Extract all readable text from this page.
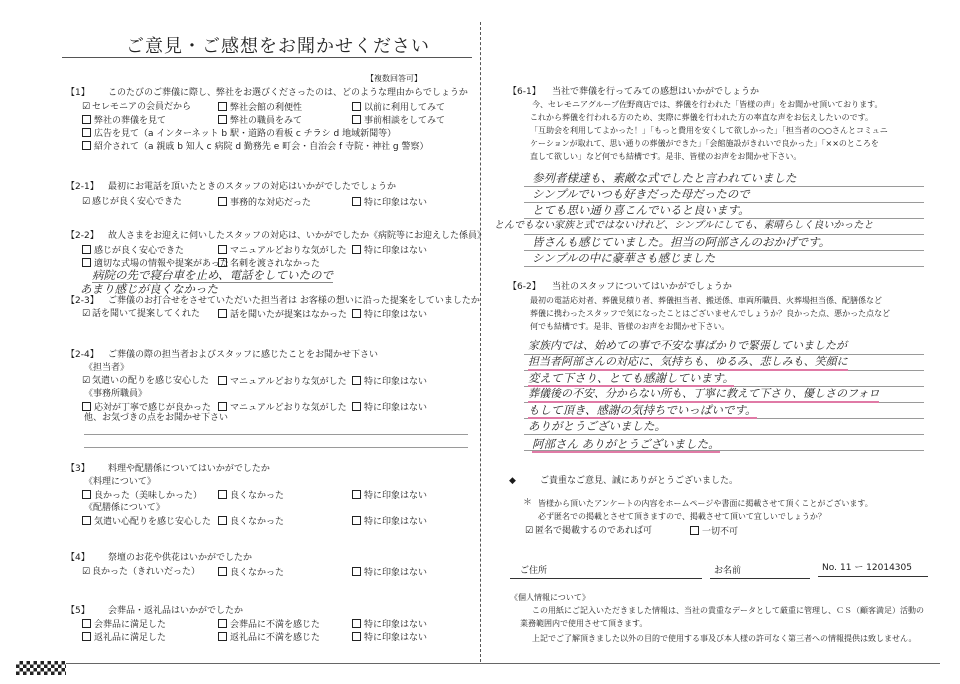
ご意見・ご感想をお聞かせください
【複数回答可】
【1】 このたびのご葬儀に際し、弊社をお選びくださったのは、どのような理由からでしょうか
☑ セレモニアの会員だから	弊社会館の利便性	以前に利用してみて
弊社の葬儀を見て	弊社の職員をみて	事前相談をしてみて
広告を見て（a インターネット b 駅・道路の看板 c チラシ d 地域新聞等）
紹介されて（a 親戚 b 知人 c 病院 d 勤務先 e 町会・自治会 f 寺院・神社 g 警察）
【2-1】 最初にお電話を頂いたときのスタッフの対応はいかがでしたでしょうか
☑ 感じが良く安心できた	事務的な対応だった	特に印象はない
【2-2】 故人さまをお迎えに伺いしたスタッフの対応は、いかがでしたか《病院等にお迎えした係員》
感じが良く安心できた	マニュアルどおりな気がした	特に印象はない
適切な式場の情報や提案があった 名刺を渡されなかった
病院の先で寝台車を止め、電話をしていたので
あまり感じが良くなかった
【2-3】 ご葬儀のお打合せをさせていただいた担当者は お客様の想いに沿った提案をしていましたか
☑ 話を聞いて提案してくれた	話を聞いたが提案はなかった	特に印象はない
【2-4】 ご葬儀の際の担当者およびスタッフに感じたことをお聞かせ下さい
《担当者》
☑ 気遣いの配りを感じ安心した	マニュアルどおりな気がした	特に印象はない
《事務所職員》
応対が丁寧で感じが良かった	マニュアルどおりな気がした	特に印象はない
他、お気づきの点をお聞かせ下さい
【3】 料理や配膳係についてはいかがでしたか
《料理について》
良かった（美味しかった）	良くなかった	特に印象はない
《配膳係について》
気遣い心配りを感じ安心した	良くなかった	特に印象はない
【4】 祭壇のお花や供花はいかがでしたか
☑ 良かった（きれいだった）	良くなかった	特に印象はない
【5】 会葬品・返礼品はいかがでしたか
会葬品に満足した	会葬品に不満を感じた	特に印象はない
返礼品に満足した	返礼品に不満を感じた	特に印象はない
【6-1】 当社で葬儀を行ってみての感想はいかがでしょうか
今、セレモニアグループ佐野商店では、葬儀を行われた「皆様の声」をお聞かせ頂いております。
これから葬儀を行われる方のため、実際に葬儀を行われた方の率直な声をお伝えしたいのです。
「互助会を利用してよかった！」「もっと費用を安くして欲しかった」「担当者の○○さんとコミュニ
ケーションが取れて、思い通りの葬儀ができた」「会館施設がきれいで良かった」「××のところを
直して欲しい」など何でも結構です。是非、皆様のお声をお聞かせ下さい。
参列者様達も、素敵な式でしたと言われていました
シンプルでいつも好きだった母だったので
とても思い通り喜こんでいると良います。
とんでもない家族と式ではないけれど、シンプルにしても、素晴らしく良いかったと
皆さんも感じていました。担当の阿部さんのおかげです。
シンプルの中に豪華さも感じました
【6-2】 当社のスタッフについてはいかがでしょうか
最初の電話応対者、葬儀見積り者、葬儀担当者、搬送係、車両所職員、火葬場担当係、配膳係など
葬儀に携わったスタッフで気になったことはございませんでしょうか？良かった点、悪かった点など
何でも結構です。是非、皆様のお声をお聞かせ下さい。
家族内では、始めての事で不安な事ばかりで緊張していましたが
担当者阿部さんの対応に、気持ちも、ゆるみ、悲しみも、笑顔に
変えて下さり、とても感謝しています。
葬儀後の不安、分からない所も、丁寧に教えて下さり、優しさのフォロ
もして頂き、感謝の気持ちでいっぱいです。
ありがとうございました。
阿部さん ありがとうございました。
◆	ご貴重なご意見、誠にありがとうございました。
＊ 皆様から頂いたアンケートの内容をホームページや書面に掲載させて頂くことがございます。
必ず匿名での掲載とさせて頂きますので、掲載させて頂いて宜しいでしょうか？
☑ 匿名で掲載するのであれば可	一切不可
ご住所	お名前	No. 11 ー 12014305
《個人情報について》
この用紙にご記入いただきました情報は、当社の貴重なデータとして厳重に管理し、ＣＳ（顧客満足）活動の
業務範囲内で使用させて頂きます。
上記でご了解頂きました以外の目的で使用する事及び本人様の許可なく第三者への情報提供は致しません。
